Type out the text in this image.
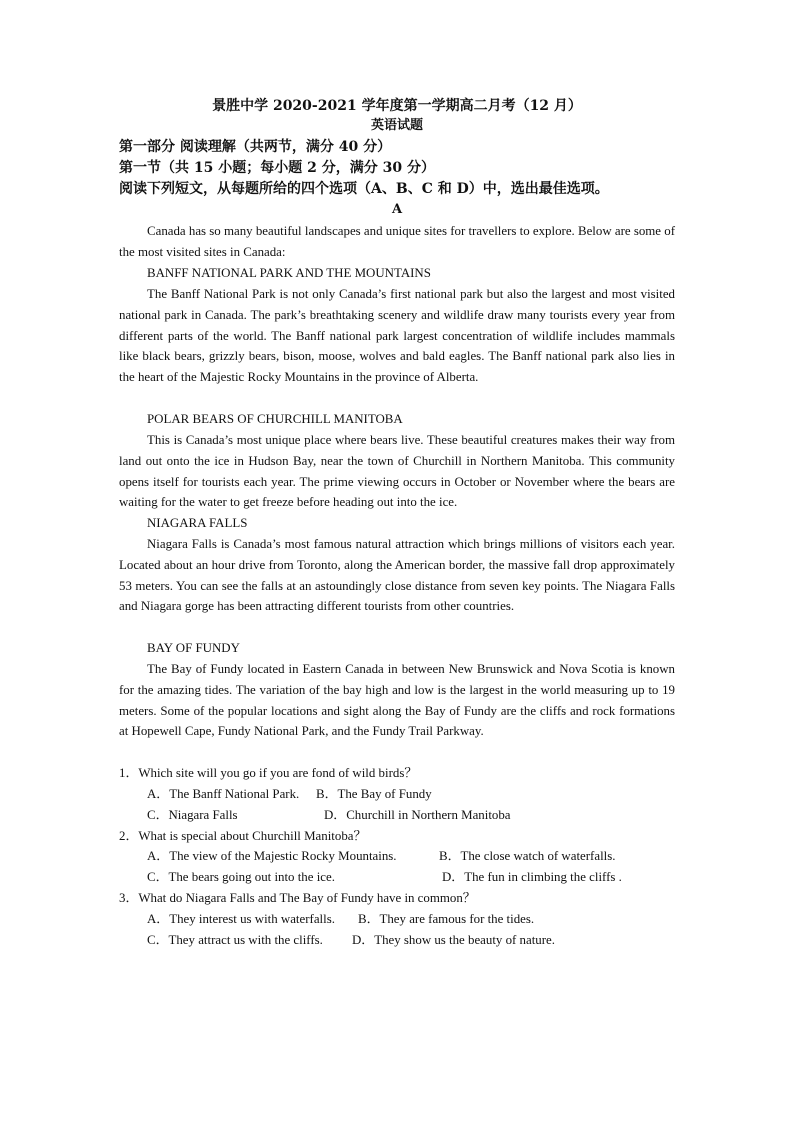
景胜中学 2020-2021 学年度第一学期高二月考（12 月）
英语试题
第一部分 阅读理解（共两节，满分 40 分）
第一节（共 15 小题；每小题 2 分，满分 30 分）
阅读下列短文，从每题所给的四个选项（A、B、C 和 D）中，选出最佳选项。
A

Canada has so many beautiful landscapes and unique sites for travellers to explore. Below are some of the most visited sites in Canada:

BANFF NATIONAL PARK AND THE MOUNTAINS

The Banff National Park is not only Canada’s first national park but also the largest and most visited national park in Canada. The park’s breathtaking scenery and wildlife draw many tourists every year from different parts of the world. The Banff national park largest concentration of wildlife includes mammals like black bears, grizzly bears, bison, moose, wolves and bald eagles. The Banff national park also lies in the heart of the Majestic Rocky Mountains in the province of Alberta.

POLAR BEARS OF CHURCHILL MANITOBA

This is Canada’s most unique place where bears live. These beautiful creatures makes their way from land out onto the ice in Hudson Bay, near the town of Churchill in Northern Manitoba. This community opens itself for tourists each year. The prime viewing occurs in October or November where the bears are waiting for the water to get freeze before heading out into the ice.

NIAGARA FALLS

Niagara Falls is Canada’s most famous natural attraction which brings millions of visitors each year. Located about an hour drive from Toronto, along the American border, the massive fall drop approximately 53 meters. You can see the falls at an astoundingly close distance from seven key points. The Niagara Falls and Niagara gorge has been attracting different tourists from other countries.

BAY OF FUNDY

The Bay of Fundy located in Eastern Canada in between New Brunswick and Nova Scotia is known for the amazing tides. The variation of the bay high and low is the largest in the world measuring up to 19 meters. Some of the popular locations and sight along the Bay of Fundy are the cliffs and rock formations at Hopewell Cape, Fundy National Park, and the Fundy Trail Parkway.

1．Which site will you go if you are fond of wild birds？
A．The Banff National Park. B．The Bay of Fundy
C．Niagara Falls	D．Churchill in Northern Manitoba
2．What is special about Churchill Manitoba？
A．The view of the Majestic Rocky Mountains.	B．The close watch of waterfalls.
C．The bears going out into the ice.	D．The fun in climbing the cliffs .
3．What do Niagara Falls and The Bay of Fundy have in common？
A．They interest us with waterfalls. B．They are famous for the tides.
C．They attract us with the cliffs. D．They show us the beauty of nature.
